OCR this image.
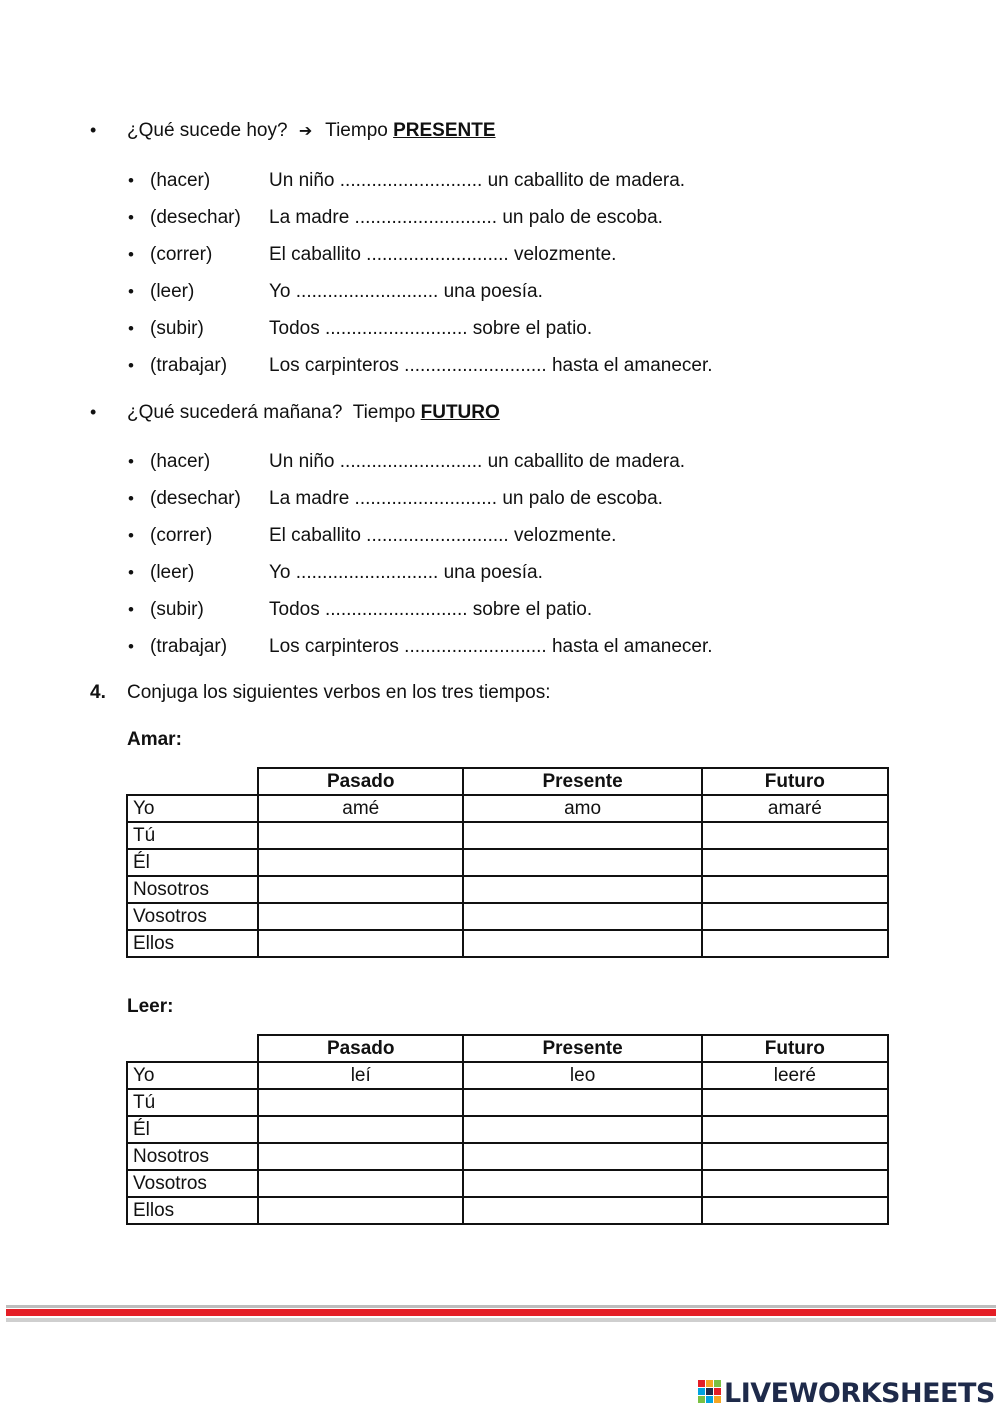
• ¿Qué sucede hoy? ➔ Tiempo PRESENTE
• (hacer)	Un niño ........................... un caballito de madera.
• (desechar) La madre ........................... un palo de escoba.
• (correr)	El caballito ........................... velozmente.
• (leer)	Yo ........................... una poesía.
• (subir)	Todos ........................... sobre el patio.
• (trabajar) Los carpinteros ........................... hasta el amanecer.
• ¿Qué sucederá mañana? Tiempo FUTURO
• (hacer)	Un niño ........................... un caballito de madera.
• (desechar) La madre ........................... un palo de escoba.
• (correr)	El caballito ........................... velozmente.
• (leer)	Yo ........................... una poesía.
• (subir)	Todos ........................... sobre el patio.
• (trabajar) Los carpinteros ........................... hasta el amanecer.
4. Conjuga los siguientes verbos en los tres tiempos:
Amar:
	Pasado	Presente	Futuro
Yo	amé	amo	amaré
Tú			
Él			
Nosotros			
Vosotros			
Ellos			
Leer:
	Pasado	Presente	Futuro
Yo	leí	leo	leeré
Tú			
Él			
Nosotros			
Vosotros			
Ellos			
LIVEWORKSHEETS
